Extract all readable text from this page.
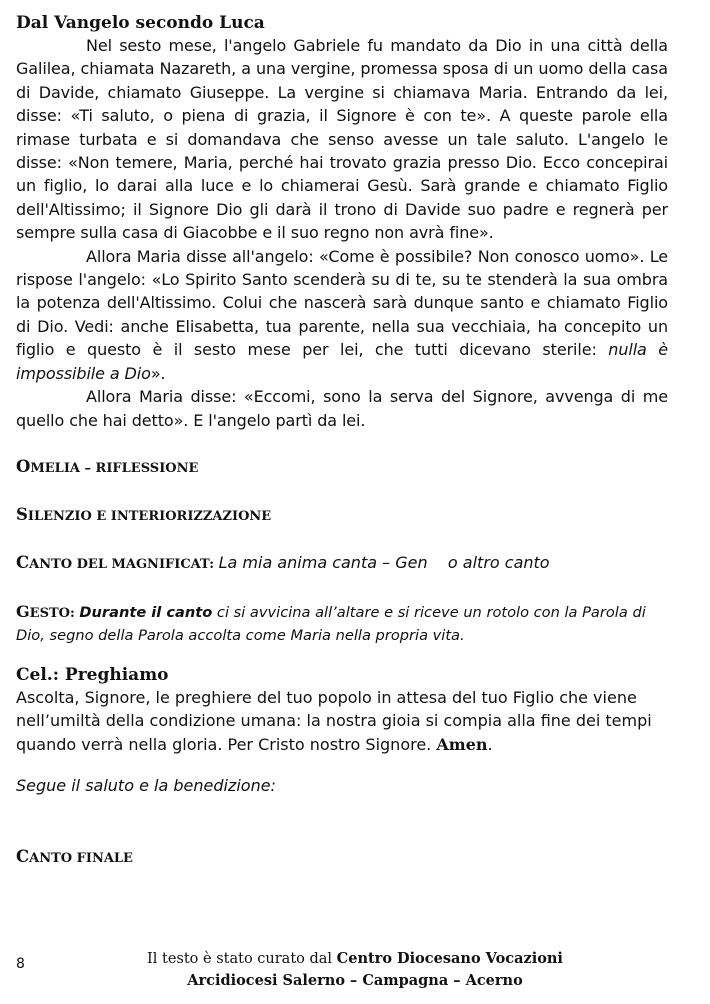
Dal Vangelo secondo Luca

Nel sesto mese, l'angelo Gabriele fu mandato da Dio in una città della Galilea, chiamata Nazareth, a una vergine, promessa sposa di un uomo della casa di Davide, chiamato Giuseppe. La vergine si chiamava Maria. Entrando da lei, disse: «Ti saluto, o piena di grazia, il Signore è con te». A queste parole ella rimase turbata e si domandava che senso avesse un tale saluto. L'angelo le disse: «Non temere, Maria, perché hai trovato grazia presso Dio. Ecco concepirai un figlio, lo darai alla luce e lo chiamerai Gesù. Sarà grande e chiamato Figlio dell'Altissimo; il Signore Dio gli darà il trono di Davide suo padre e regnerà per sempre sulla casa di Giacobbe e il suo regno non avrà fine».

Allora Maria disse all'angelo: «Come è possibile? Non conosco uomo». Le rispose l'angelo: «Lo Spirito Santo scenderà su di te, su te stenderà la sua ombra la potenza dell'Altissimo. Colui che nascerà sarà dunque santo e chiamato Figlio di Dio. Vedi: anche Elisabetta, tua parente, nella sua vecchiaia, ha concepito un figlio e questo è il sesto mese per lei, che tutti dicevano sterile: nulla è impossibile a Dio».

Allora Maria disse: «Eccomi, sono la serva del Signore, avvenga di me quello che hai detto». E l'angelo partì da lei.

OMELIA – RIFLESSIONE

SILENZIO E INTERIORIZZAZIONE

CANTO DEL MAGNIFICAT: La mia anima canta – Gen    o altro canto

GESTO: Durante il canto ci si avvicina all’altare e si riceve un rotolo con la Parola di Dio, segno della Parola accolta come Maria nella propria vita.

Cel.: Preghiamo

Ascolta, Signore, le preghiere del tuo popolo in attesa del tuo Figlio che viene nell’umiltà della condizione umana: la nostra gioia si compia alla fine dei tempi quando verrà nella gloria. Per Cristo nostro Signore. Amen.

Segue il saluto e la benedizione:

CANTO FINALE

8	Il testo è stato curato dal Centro Diocesano Vocazioni
Arcidiocesi Salerno – Campagna – Acerno
